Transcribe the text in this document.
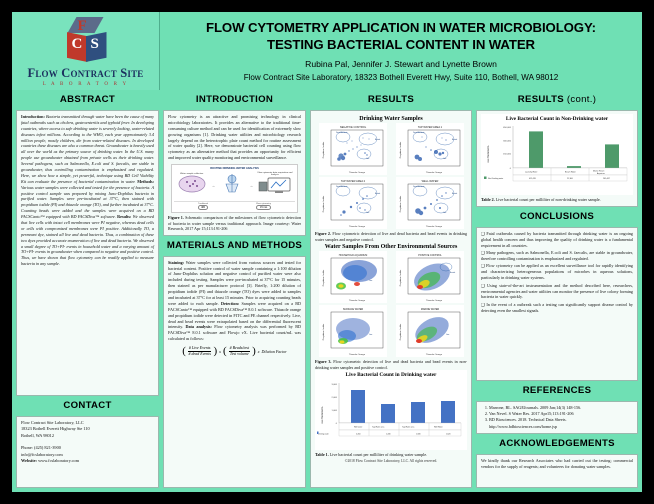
F
C S
Flow Contract Site
L A B O R A T O R Y
FLOW CYTOMETRY APPLICATION IN WATER MICROBIOLOGY:
TESTING BACTERIAL CONTENT IN WATER
Rubina Pal, Jennifer J. Stewart and Lynette Brown
Flow Contract Site Laboratory, 18323 Bothell Everett Hwy, Suite 110, Bothell, WA 98012
ABSTRACT
Introduction: Bacteria transmitted through water have been the cause of many fatal outbreaks such as cholera, gastroenteritis and typhoid fever. In developing countries, where access to safe drinking water is severely lacking, water-related diseases infect millions. According to the WHO, each year approximately 3.4 million people, mostly children, die from water-related diseases. In developed countries these diseases are also a common threat. Groundwater is heavily used all over the world as the primary source of drinking water. In the U.S. many people use groundwater obtained from private wells as their drinking water. Several pathogens, such as Salmonella, E.coli and S. faecalis, are stable in groundwater, thus controlling contamination is emphasized and regulated. Here, we show how a simple, yet powerful, technique using BD Cell Viability Kit can evaluate the presence of bacterial contamination in water. Methods: Various water samples were collected and tested for the presence of bacteria. A positive control sample was prepared by mixing Juno-Dophilus bacteria in purified water. Samples were pre-incubated at 37°C, then stained with propidium iodide (PI) and thiazole orange (TO), and further incubated at 37°C. Counting beads were added and the samples were acquired on a BD FACSCanto™ equipped with BD FACSDiva™ software. Results: We observed that live cells with intact cell membranes were PI negative, whereas dead cells or cells with compromised membranes were PI positive. Additionally TO, a permeant dye, stained all live and dead bacteria. Thus, a combination of these two dyes provided accurate enumeration of live and dead bacteria. We observed a small degree of TO+PI- events in household water and a varying amount of TO+PI- events in groundwater when compared to negative and positive control. Thus, we have shown that flow cytometry can be readily applied to measure bacteria in any sample.
CONTACT
Flow Contract Site Laboratory, LLC
18323 Bothell Everett Highway Ste 110
Bothell, WA 98012
Phone: (425) 821-3900
info@fcslaboratory.com
Website: www.fcslaboratory.com
INTRODUCTION
Flow cytometry is an attractive and promising technology in clinical microbiology laboratories. It provides an alternative to the traditional time-consuming culture method and can be used for identification of extremely slow growing organisms [1]. Drinking water utilities and microbiology research largely depend on the heterotrophic plate count method for routine assessment of water quality [2]. Here, we demonstrate bacterial cell counting using flow cytometry as an alternative method that provides an opportunity for efficient and improved water quality monitoring and environmental surveillance.
ROUTINE DRINKING WATER ANALYSIS
Water sample collection
→	→
Flow cytometry data acquisition and analysis
Traditional
48h
Flow cytometry
15 min
Figure 1. Schematic comparison of the milestones of flow cytometric detection of bacteria in water sample versus traditional approach. Image courtesy: Water Research, 2017 Apr 15;113:191-206
MATERIALS AND METHODS
Staining: Water samples were collected from various sources and tested for bacterial content. Positive control of water sample containing a 1:100 dilution of Juno-Dophilus solution and negative control of purified water were also included during testing. Samples were pre-incubated at 37°C for 15 minutes, then stained as per manufacturer protocol [3]. Briefly, 1:200 dilution of propidium iodide (PI) and thiazole orange (TO) dyes were added to samples and incubated at 37°C for at least 15 minutes. Prior to acquiring counting beads were added to each sample. Detection: Samples were acquired on a BD FACSCanto™ equipped with BD FACSDiva™ 8.0.1 software. Thiazole orange and propidium iodide were detected in FITC and PE channel respectively. Live, dead and bead events were extrapolated based on the differential fluorescent intensity. Data analysis: Flow cytometry analysis was performed by BD FACSDiva™ 8.0.1 software and Flowjo vX. Live bacterial count/mL was calculated as follows:
( $\frac{\text{\# Live Events}}{\text{\# dead Events}}$ ) x ( $\frac{\text{\# Beads/test}}{\text{Test volume}}$ ) x Dilution Factor
RESULTS
Drinking Water Samples
NEGATIVE CONTROL
Propidium Iodide
Thiazole Orange
Dead Bacteria
Beads
Live
TAP WATER AREA 1
Propidium Iodide
Thiazole Orange
Dead Bacteria
Beads
Live
TAP WATER AREA 2
Propidium Iodide
Thiazole Orange
Dead Bacteria
Beads
Live
WELL WATER
Propidium Iodide
Thiazole Orange
Dead Bacteria
Beads
Live
Figure 2. Flow cytometric detection of live and dead bacteria and bead events in drinking water samples and negative control.
Water Samples From Other Environmental Sources
HOUSEHOLD AQUARIUM
Propidium Iodide
Thiazole Orange
Live
POSITIVE CONTROL
Propidium Iodide
Thiazole Orange
Beads
SURFACE WATER
Propidium Iodide
Thiazole Orange
Live
MARINE WATER
Propidium Iodide
Thiazole Orange
Live
Figure 3. Flow cytometric detection of live and dead bacteria and bead events in non-drinking water samples and positive control.
Live Bacterial Count in Drinking water
Live Bacteria/mL
3,000
2,000
1,000
0
Well water	Tap Water area	Tap Water area	Well Water
Drinking water	2,450	1,430	1,580	1,620
Table 1. Live bacterial count per milliliter of drinking water sample.
©2018 Flow Contract Site Laboratory, LLC. All rights reserved.
RESULTS (cont.)
Live Bacterial Count in Non-Drinking water
Live Bacteria/mL
450,000
300,000
150,000
0
Laundry Water	Beach Water
Marine Resort
Aquarium
Non Drinking water	412,420	21,300	265,467
Table 2. Live bacterial count per milliliter of non-drinking water sample.
CONCLUSIONS
❑ Fatal outbreaks caused by bacteria transmitted through drinking water is an ongoing global health concern and thus improving the quality of drinking water is a fundamental requirement in all countries.
❑ Many pathogens, such as Salmonella, E.coli and S. faecalis, are stable in groundwater, therefore controlling contamination is emphasized and regulated.
❑ Flow cytometry can be applied as an excellent surveillance tool for rapidly identifying and characterizing heterogeneous populations of microbes in aqueous solutions, particularly in drinking water systems.
❑ Using state-of-the-art instrumentation and the method described here, researchers, environmental agencies and water utilities can monitor the presence of live colony forming bacteria in water quickly.
❑ In the event of a outbreak such a testing can significantly support disease control by detecting even the smallest signals.
REFERENCES
1. Marrone, BL. SAGEJournals. 2009 Jan;14(3) 148-156.
2. Van Nevel. S Water Res. 2017 Apr15;113:191-206
3. BD Biosciences. 2018. Technical Data Sheets. http://www.bdbiosciences.com/home.jsp
ACKNOWLEDGEMENTS
We kindly thank our Research Associates who had carried out the testing; commercial vendors for the supply of reagents; and volunteers for donating water samples.
